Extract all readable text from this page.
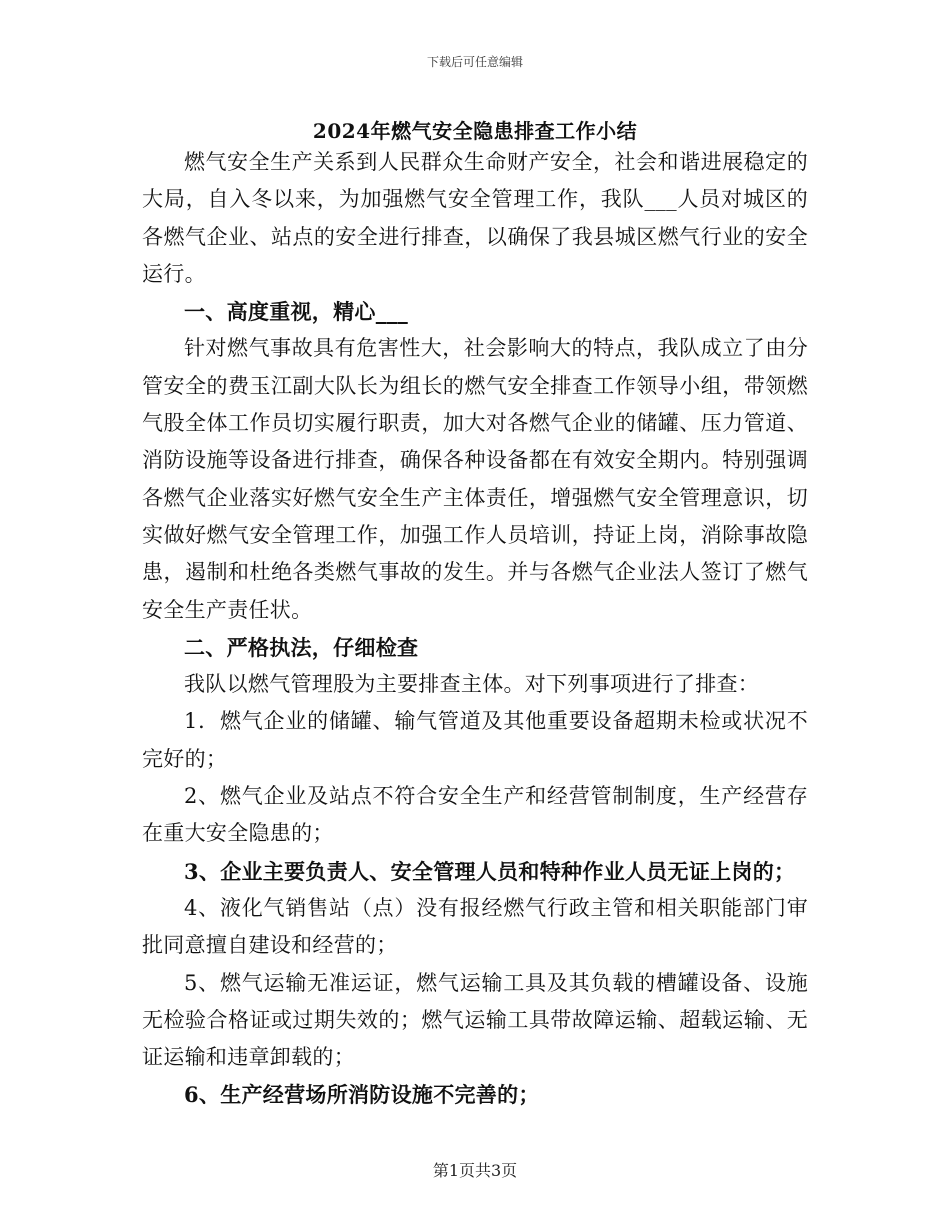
下载后可任意编辑
2024年燃气安全隐患排查工作小结

燃气安全生产关系到人民群众生命财产安全，社会和谐进展稳定的大局，自入冬以来，为加强燃气安全管理工作，我队___人员对城区的各燃气企业、站点的安全进行排查，以确保了我县城区燃气行业的安全运行。

一、高度重视，精心___

针对燃气事故具有危害性大，社会影响大的特点，我队成立了由分管安全的费玉江副大队长为组长的燃气安全排查工作领导小组，带领燃气股全体工作员切实履行职责，加大对各燃气企业的储罐、压力管道、消防设施等设备进行排查，确保各种设备都在有效安全期内。特别强调各燃气企业落实好燃气安全生产主体责任，增强燃气安全管理意识，切实做好燃气安全管理工作，加强工作人员培训，持证上岗，消除事故隐患，遏制和杜绝各类燃气事故的发生。并与各燃气企业法人签订了燃气安全生产责任状。

二、严格执法，仔细检查

我队以燃气管理股为主要排查主体。对下列事项进行了排查：

1．燃气企业的储罐、输气管道及其他重要设备超期未检或状况不完好的；

2、燃气企业及站点不符合安全生产和经营管制制度，生产经营存在重大安全隐患的；

3、企业主要负责人、安全管理人员和特种作业人员无证上岗的；

4、液化气销售站（点）没有报经燃气行政主管和相关职能部门审批同意擅自建设和经营的；

5、燃气运输无准运证，燃气运输工具及其负载的槽罐设备、设施无检验合格证或过期失效的；燃气运输工具带故障运输、超载运输、无证运输和违章卸载的；

6、生产经营场所消防设施不完善的；

第1页共3页
